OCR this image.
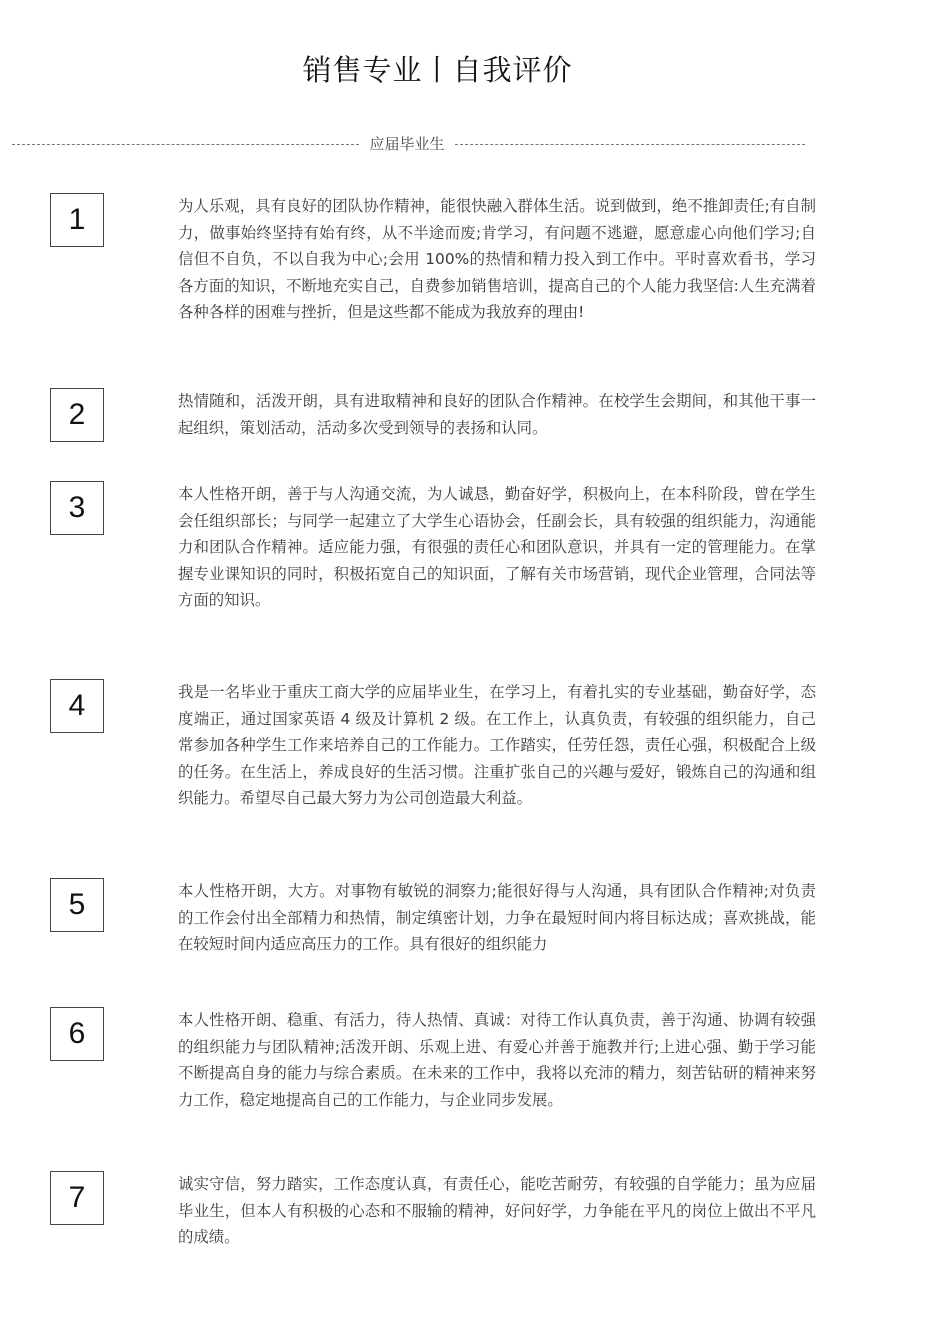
销售专业丨自我评价
应届毕业生
1	为人乐观，具有良好的团队协作精神，能很快融入群体生活。说到做到，绝不推卸责任;有自制力，做事始终坚持有始有终，从不半途而废;肯学习，有问题不逃避，愿意虚心向他们学习;自信但不自负，不以自我为中心;会用 100%的热情和精力投入到工作中。平时喜欢看书，学习各方面的知识，不断地充实自己，自费参加销售培训，提高自己的个人能力我坚信:人生充满着各种各样的困难与挫折，但是这些都不能成为我放弃的理由!

2	热情随和，活泼开朗，具有进取精神和良好的团队合作精神。在校学生会期间，和其他干事一起组织，策划活动，活动多次受到领导的表扬和认同。

3	本人性格开朗，善于与人沟通交流，为人诚恳，勤奋好学，积极向上，在本科阶段，曾在学生会任组织部长；与同学一起建立了大学生心语协会，任副会长，具有较强的组织能力，沟通能力和团队合作精神。适应能力强，有很强的责任心和团队意识，并具有一定的管理能力。在掌握专业课知识的同时，积极拓宽自己的知识面，了解有关市场营销，现代企业管理，合同法等方面的知识。

4	我是一名毕业于重庆工商大学的应届毕业生，在学习上，有着扎实的专业基础，勤奋好学，态度端正，通过国家英语 4 级及计算机 2 级。在工作上，认真负责，有较强的组织能力，自己常参加各种学生工作来培养自己的工作能力。工作踏实，任劳任怨，责任心强，积极配合上级的任务。在生活上，养成良好的生活习惯。注重扩张自己的兴趣与爱好，锻炼自己的沟通和组织能力。希望尽自己最大努力为公司创造最大利益。

5	本人性格开朗，大方。对事物有敏锐的洞察力;能很好得与人沟通，具有团队合作精神;对负责的工作会付出全部精力和热情，制定缜密计划，力争在最短时间内将目标达成；喜欢挑战，能在较短时间内适应高压力的工作。具有很好的组织能力

6	本人性格开朗、稳重、有活力，待人热情、真诚：对待工作认真负责，善于沟通、协调有较强的组织能力与团队精神;活泼开朗、乐观上进、有爱心并善于施教并行;上进心强、勤于学习能不断提高自身的能力与综合素质。在未来的工作中，我将以充沛的精力，刻苦钻研的精神来努力工作，稳定地提高自己的工作能力，与企业同步发展。

7	诚实守信，努力踏实，工作态度认真，有责任心，能吃苦耐劳，有较强的自学能力；虽为应届毕业生，但本人有积极的心态和不服输的精神，好问好学，力争能在平凡的岗位上做出不平凡的成绩。
